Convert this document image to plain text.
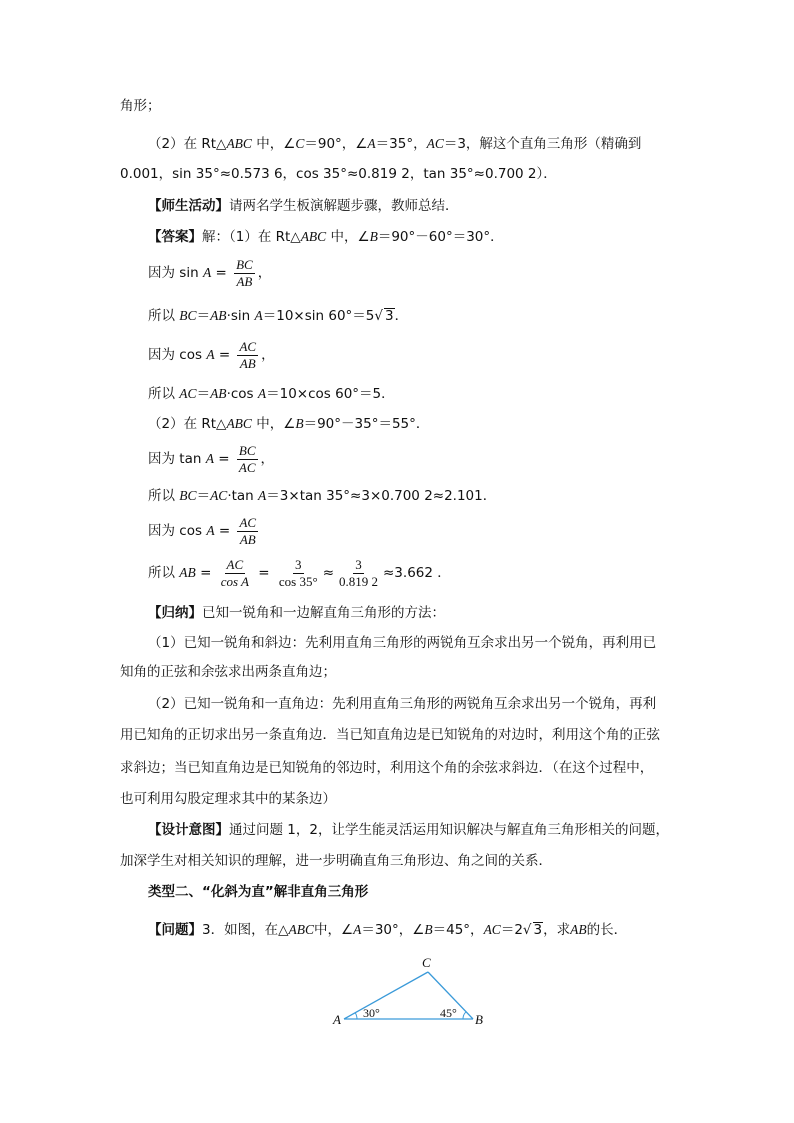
角形；
（2）在 Rt△ABC 中，∠C＝90°，∠A＝35°，AC＝3，解这个直角三角形（精确到
0.001，sin 35°≈0.573 6，cos 35°≈0.819 2，tan 35°≈0.700 2）．
【师生活动】请两名学生板演解题步骤，教师总结．
【答案】解：（1）在 Rt△ABC 中，∠B＝90°－60°＝30°．
因为 $\sin A = \frac{BC}{AB}$ ，
所以 BC＝AB·sin A＝10×sin 60°＝5√ 3．
因为 $\cos A = \frac{AC}{AB}$ ，
所以 AC＝AB·cos A＝10×cos 60°＝5．
（2）在 Rt△ABC 中，∠B＝90°－35°＝55°．
因为 $\tan A = \frac{BC}{AC}$ ，
所以 BC＝AC·tan A＝3×tan 35°≈3×0.700 2≈2.101．
因为 $\cos A = \frac{AC}{AB}$
所以 AB = $\frac{AC}{\text{cos A}} = \frac{3}{\cos 35^\circ} \approx \frac{3}{0.819 2} \approx 3.662$ ．
【归纳】已知一锐角和一边解直角三角形的方法：
（1）已知一锐角和斜边：先利用直角三角形的两锐角互余求出另一个锐角，再利用已
知角的正弦和余弦求出两条直角边；
（2）已知一锐角和一直角边：先利用直角三角形的两锐角互余求出另一个锐角，再利
用已知角的正切求出另一条直角边．当已知直角边是已知锐角的对边时，利用这个角的正弦
求斜边；当已知直角边是已知锐角的邻边时，利用这个角的余弦求斜边．（在这个过程中，
也可利用勾股定理求其中的某条边）
【设计意图】通过问题 1，2，让学生能灵活运用知识解决与解直角三角形相关的问题，
加深学生对相关知识的理解，进一步明确直角三角形边、角之间的关系．
类型二、“化斜为直”解非直角三角形
【问题】3．如图，在△ABC中，∠A＝30°，∠B＝45°，AC＝2√ 3，求AB的长．
A	B
C
30°	45°
